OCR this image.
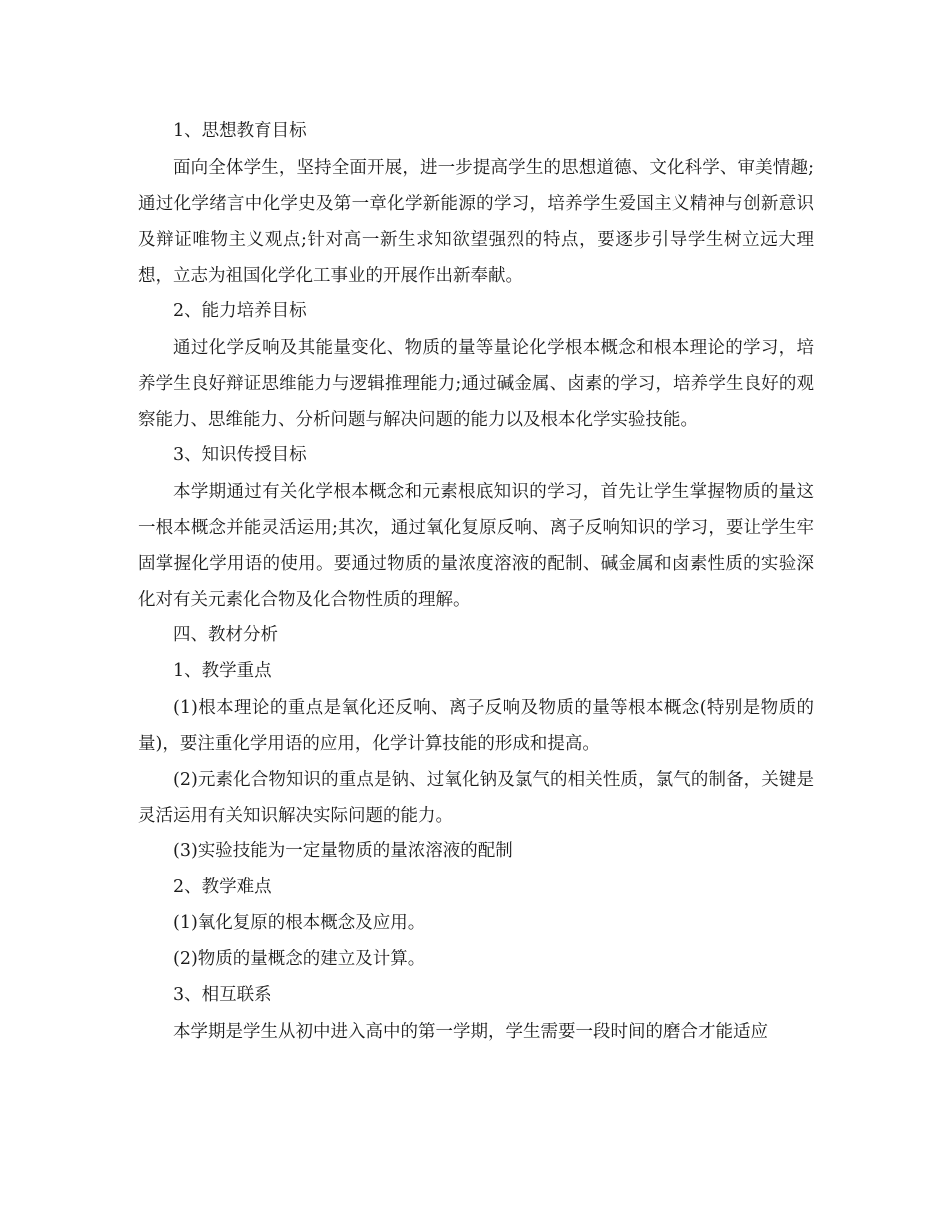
1、思想教育目标

面向全体学生，坚持全面开展，进一步提高学生的思想道德、文化科学、审美情趣;通过化学绪言中化学史及第一章化学新能源的学习，培养学生爱国主义精神与创新意识及辩证唯物主义观点;针对高一新生求知欲望强烈的特点，要逐步引导学生树立远大理想，立志为祖国化学化工事业的开展作出新奉献。

2、能力培养目标

通过化学反响及其能量变化、物质的量等量论化学根本概念和根本理论的学习，培养学生良好辩证思维能力与逻辑推理能力;通过碱金属、卤素的学习，培养学生良好的观察能力、思维能力、分析问题与解决问题的能力以及根本化学实验技能。

3、知识传授目标

本学期通过有关化学根本概念和元素根底知识的学习，首先让学生掌握物质的量这一根本概念并能灵活运用;其次，通过氧化复原反响、离子反响知识的学习，要让学生牢固掌握化学用语的使用。要通过物质的量浓度溶液的配制、碱金属和卤素性质的实验深化对有关元素化合物及化合物性质的理解。

四、教材分析

1、教学重点

(1)根本理论的重点是氧化还反响、离子反响及物质的量等根本概念(特别是物质的量)，要注重化学用语的应用，化学计算技能的形成和提高。

(2)元素化合物知识的重点是钠、过氧化钠及氯气的相关性质，氯气的制备，关键是灵活运用有关知识解决实际问题的能力。

(3)实验技能为一定量物质的量浓溶液的配制

2、教学难点

(1)氧化复原的根本概念及应用。

(2)物质的量概念的建立及计算。

3、相互联系

本学期是学生从初中进入高中的第一学期，学生需要一段时间的磨合才能适应
